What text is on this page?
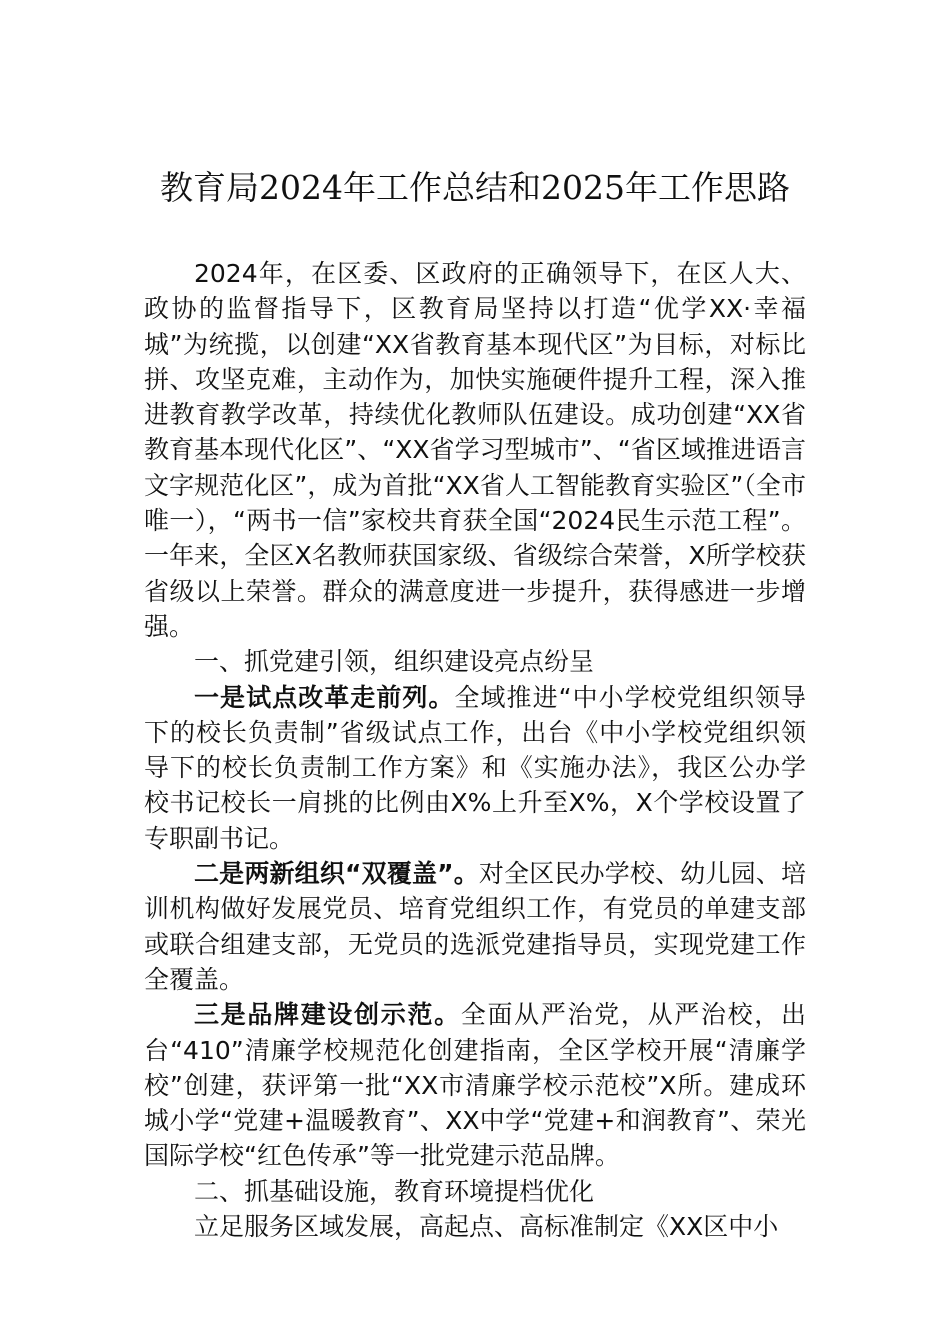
教育局2024年工作总结和2025年工作思路

2024年，在区委、区政府的正确领导下，在区人大、政协的监督指导下，区教育局坚持以打造“优学XX·幸福城”为统揽，以创建“XX省教育基本现代区”为目标，对标比拼、攻坚克难，主动作为，加快实施硬件提升工程，深入推进教育教学改革，持续优化教师队伍建设。成功创建“XX省教育基本现代化区”、“XX省学习型城市”、“省区域推进语言文字规范化区”，成为首批“XX省人工智能教育实验区”（全市唯一），“两书一信”家校共育获全国“2024民生示范工程”。一年来，全区X名教师获国家级、省级综合荣誉，X所学校获省级以上荣誉。群众的满意度进一步提升，获得感进一步增强。

一、抓党建引领，组织建设亮点纷呈

一是试点改革走前列。全域推进“中小学校党组织领导下的校长负责制”省级试点工作，出台《中小学校党组织领导下的校长负责制工作方案》和《实施办法》，我区公办学校书记校长一肩挑的比例由X%上升至X%，X个学校设置了专职副书记。

二是两新组织“双覆盖”。对全区民办学校、幼儿园、培训机构做好发展党员、培育党组织工作，有党员的单建支部或联合组建支部，无党员的选派党建指导员，实现党建工作全覆盖。

三是品牌建设创示范。全面从严治党，从严治校，出台“410”清廉学校规范化创建指南，全区学校开展“清廉学校”创建，获评第一批“XX市清廉学校示范校”X所。建成环城小学“党建+温暖教育”、XX中学“党建+和润教育”、荣光国际学校“红色传承”等一批党建示范品牌。

二、抓基础设施，教育环境提档优化

立足服务区域发展，高起点、高标准制定《XX区中小
